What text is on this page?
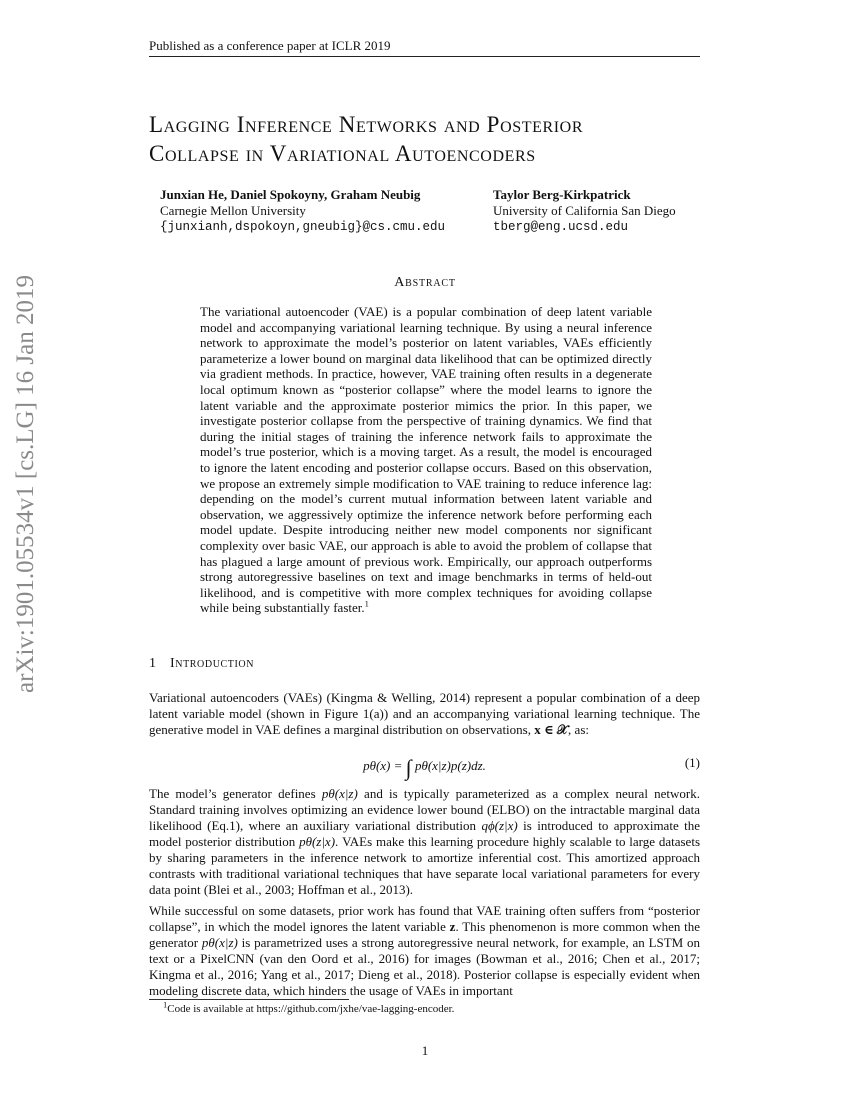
Published as a conference paper at ICLR 2019
arXiv:1901.05534v1 [cs.LG] 16 Jan 2019
Lagging Inference Networks and Posterior
Collapse in Variational Autoencoders
Junxian He, Daniel Spokoyny, Graham Neubig
Carnegie Mellon University
{junxianh,dspokoyn,gneubig}@cs.cmu.edu
Taylor Berg-Kirkpatrick
University of California San Diego
tberg@eng.ucsd.edu
Abstract
The variational autoencoder (VAE) is a popular combination of deep latent variable model and accompanying variational learning technique. By using a neural inference network to approximate the model’s posterior on latent variables, VAEs efficiently parameterize a lower bound on marginal data likelihood that can be optimized directly via gradient methods. In practice, however, VAE training often results in a degenerate local optimum known as “posterior collapse” where the model learns to ignore the latent variable and the approximate posterior mimics the prior. In this paper, we investigate posterior collapse from the perspective of training dynamics. We find that during the initial stages of training the inference network fails to approximate the model’s true posterior, which is a moving target. As a result, the model is encouraged to ignore the latent encoding and posterior collapse occurs. Based on this observation, we propose an extremely simple modification to VAE training to reduce inference lag: depending on the model’s current mutual information between latent variable and observation, we aggressively optimize the inference network before performing each model update. Despite introducing neither new model components nor significant complexity over basic VAE, our approach is able to avoid the problem of collapse that has plagued a large amount of previous work. Empirically, our approach outperforms strong autoregressive baselines on text and image benchmarks in terms of held-out likelihood, and is competitive with more complex techniques for avoiding collapse while being substantially faster.$^1$
1 Introduction
Variational autoencoders (VAEs) (Kingma & Welling, 2014) represent a popular combination of a deep latent variable model (shown in Figure 1(a)) and an accompanying variational learning technique. The generative model in VAE defines a marginal distribution on observations, x ∈ 𝒳, as:
pθ(x) = ∫ pθ(x|z)p(z)dz.	(1)
The model’s generator defines pθ(x|z) and is typically parameterized as a complex neural network. Standard training involves optimizing an evidence lower bound (ELBO) on the intractable marginal data likelihood (Eq.1), where an auxiliary variational distribution qϕ(z|x) is introduced to approximate the model posterior distribution pθ(z|x). VAEs make this learning procedure highly scalable to large datasets by sharing parameters in the inference network to amortize inferential cost. This amortized approach contrasts with traditional variational techniques that have separate local variational parameters for every data point (Blei et al., 2003; Hoffman et al., 2013).
While successful on some datasets, prior work has found that VAE training often suffers from “posterior collapse”, in which the model ignores the latent variable z. This phenomenon is more common when the generator pθ(x|z) is parametrized uses a strong autoregressive neural network, for example, an LSTM on text or a PixelCNN (van den Oord et al., 2016) for images (Bowman et al., 2016; Chen et al., 2017; Kingma et al., 2016; Yang et al., 2017; Dieng et al., 2018). Posterior collapse is especially evident when modeling discrete data, which hinders the usage of VAEs in important
$^1$Code is available at https://github.com/jxhe/vae-lagging-encoder.
1
